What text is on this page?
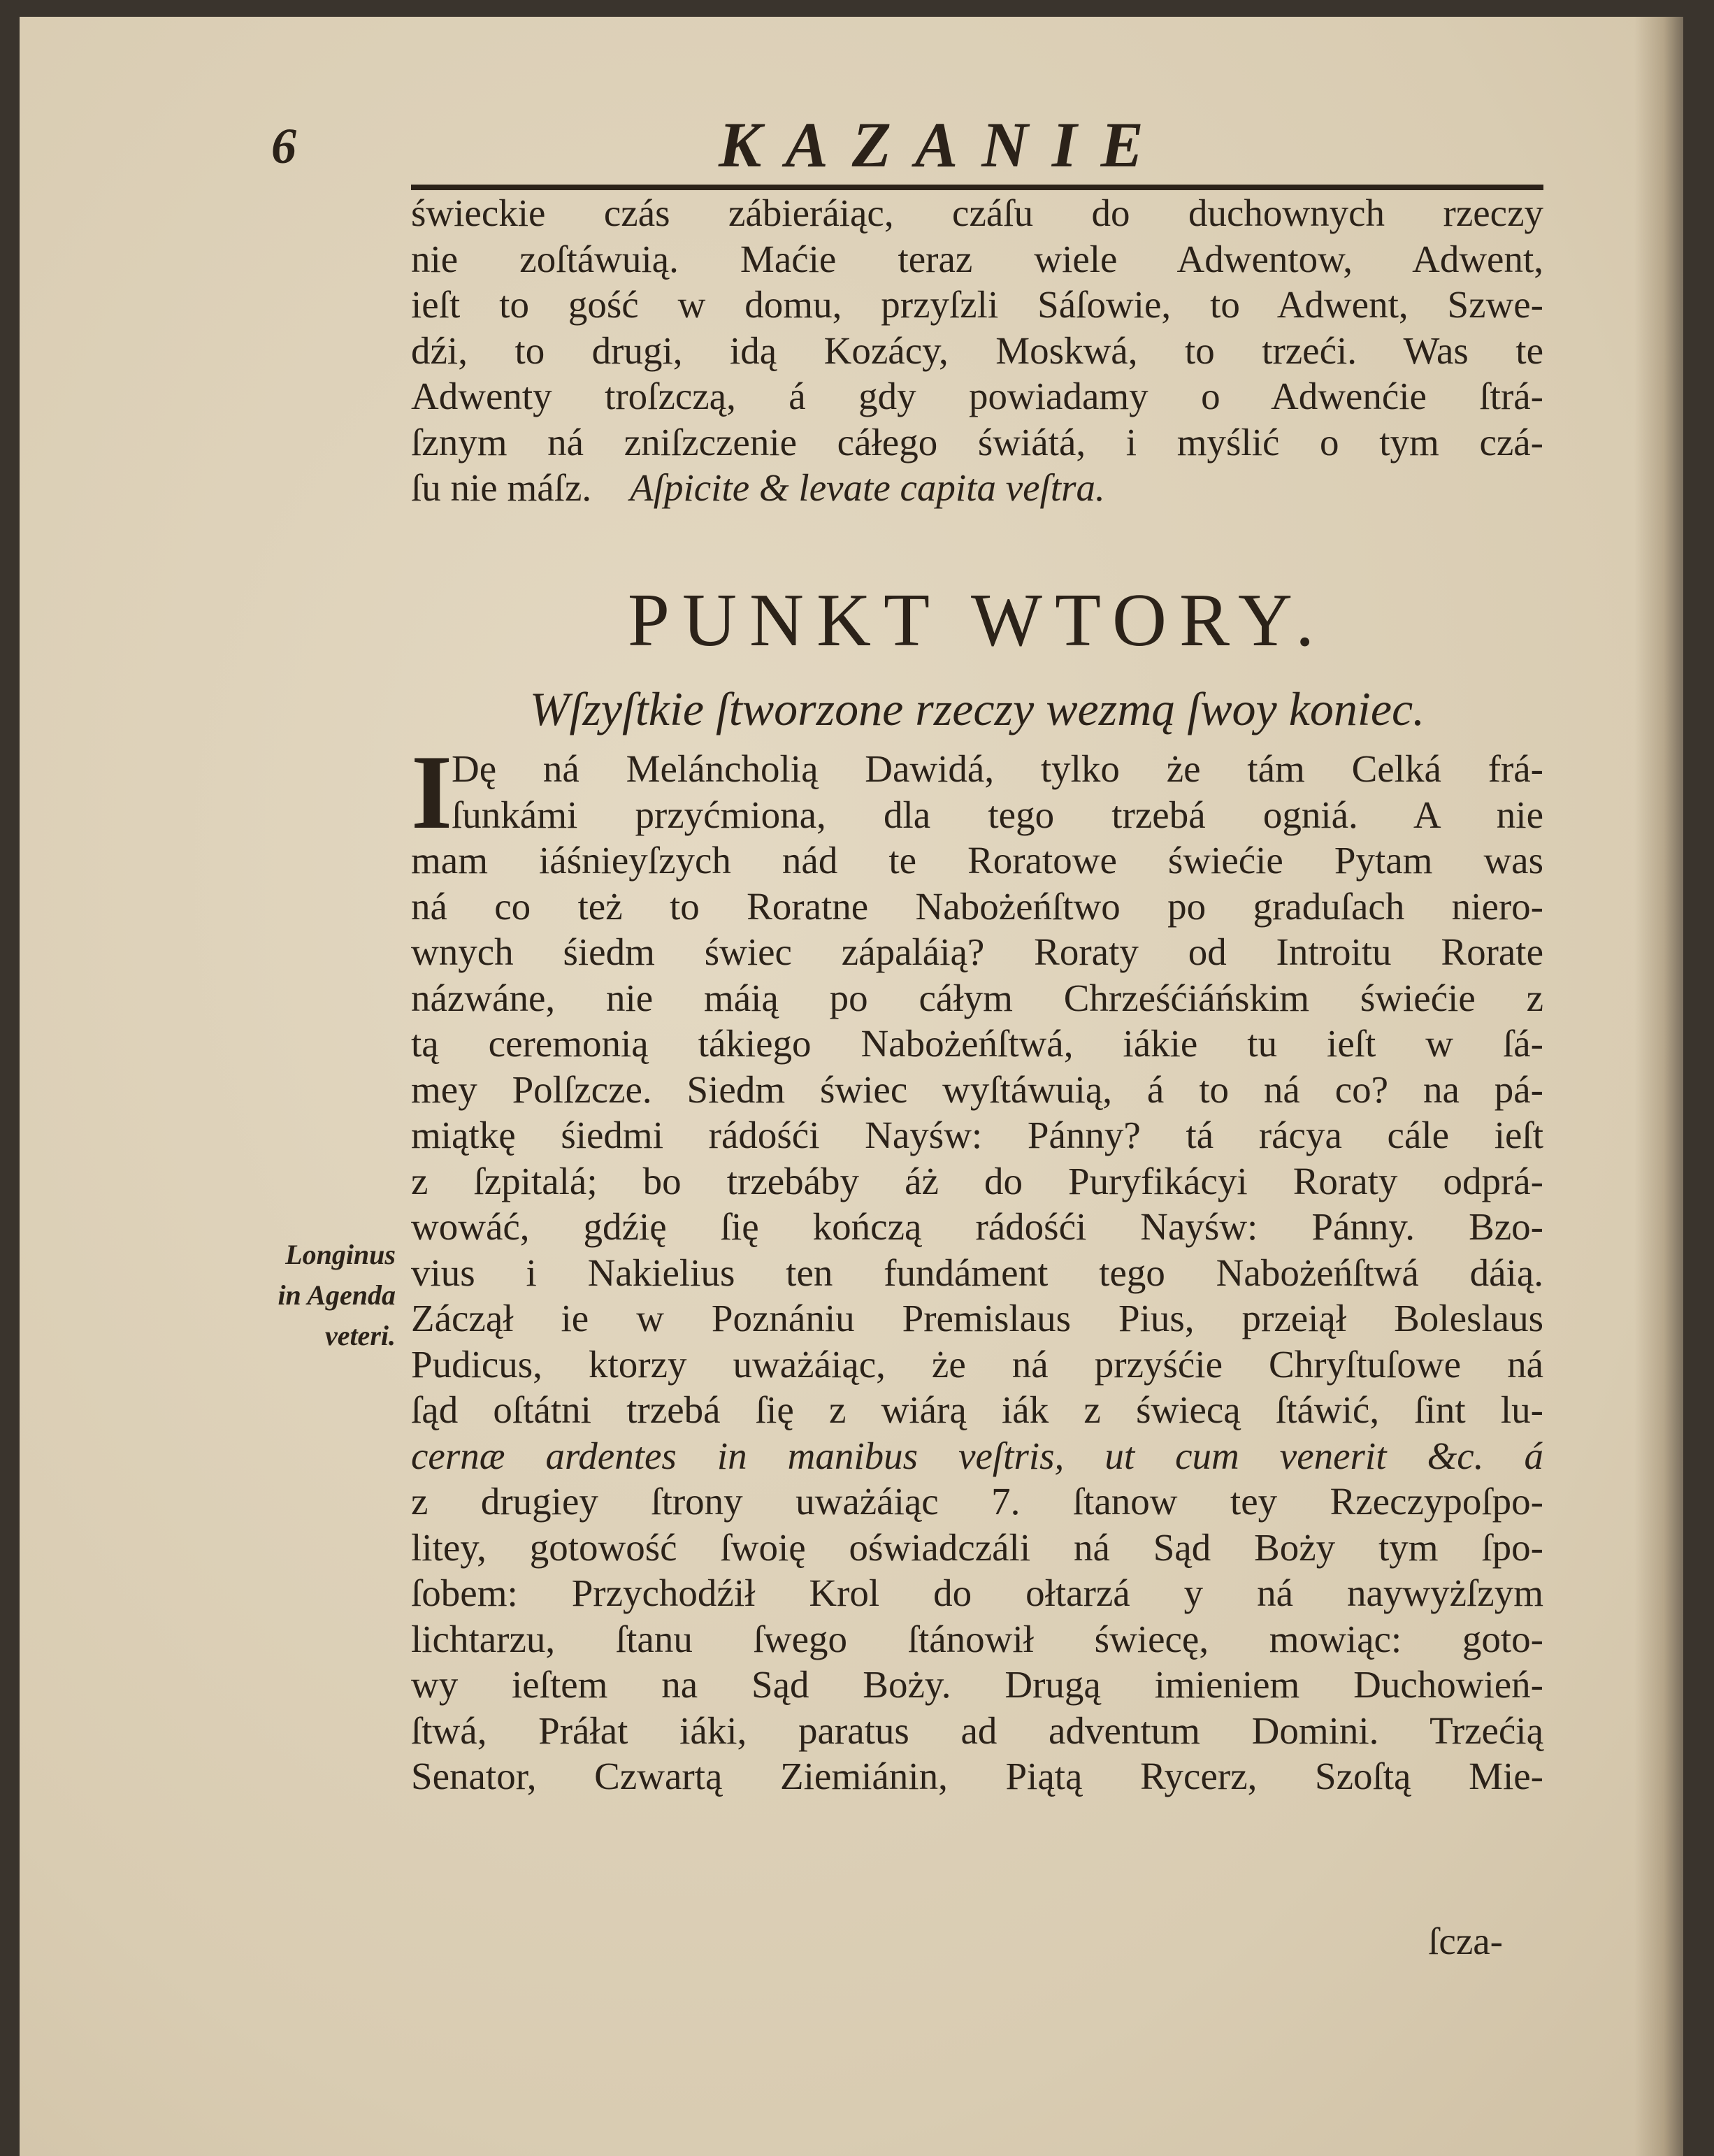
6	KAZANIE
świeckie czás zábieráiąc, czáſu do duchownych rzeczy
nie zoſtáwuią. Maćie teraz wiele Adwentow, Adwent,
ieſt to gość w domu, przyſzli Sáſowie, to Adwent, Szwe-
dźi, to drugi, idą Kozácy, Moskwá, to trzeći. Was te
Adwenty troſzczą, á gdy powiadamy o Adwenćie ſtrá-
ſznym ná zniſzczenie cáłego świátá, i myślić o tym czá-
ſu nie máſz. Aſpicite & levate capita veſtra.
PUNKT WTORY.
Wſzyſtkie ſtworzone rzeczy wezmą ſwoy koniec.
I
Dę ná Meláncholią Dawidá, tylko że tám Celká frá-
ſunkámi przyćmiona, dla tego trzebá ogniá. A nie
mam iáśnieyſzych nád te Roratowe świećie Pytam was
ná co też to Roratne Nabożeńſtwo po graduſach niero-
wnych śiedm świec zápaláią? Roraty od Introitu Rorate
názwáne, nie máią po cáłym Chrześćiáńskim świećie z
tą ceremonią tákiego Nabożeńſtwá, iákie tu ieſt w ſá-
mey Polſzcze. Siedm świec wyſtáwuią, á to ná co? na pá-
miątkę śiedmi rádośći Nayśw: Pánny? tá rácya cále ieſt
z ſzpitalá; bo trzebáby áż do Puryfikácyi Roraty odprá-
wowáć, gdźię ſię kończą rádośći Nayśw: Pánny. Bzo-
vius i Nakielius ten fundáment tego Nabożeńſtwá dáią.
Záczął ie w Poznániu Premislaus Pius, przeiął Boleslaus
Pudicus, ktorzy uważáiąc, że ná przyśćie Chryſtuſowe ná
ſąd oſtátni trzebá ſię z wiárą iák z świecą ſtáwić, ſint lu-
cernæ ardentes in manibus veſtris, ut cum venerit &c. á
z drugiey ſtrony uważáiąc 7. ſtanow tey Rzeczypoſpo-
litey, gotowość ſwoię oświadczáli ná Sąd Boży tym ſpo-
ſobem: Przychodźił Krol do ołtarzá y ná naywyżſzym
lichtarzu, ſtanu ſwego ſtánowił świecę, mowiąc: goto-
wy ieſtem na Sąd Boży. Drugą imieniem Duchowień-
ſtwá, Práłat iáki, paratus ad adventum Domini. Trzećią
Senator, Czwartą Ziemiánin, Piątą Rycerz, Szoſtą Mie-
Longinus
in Agenda
veteri.
ſcza-
